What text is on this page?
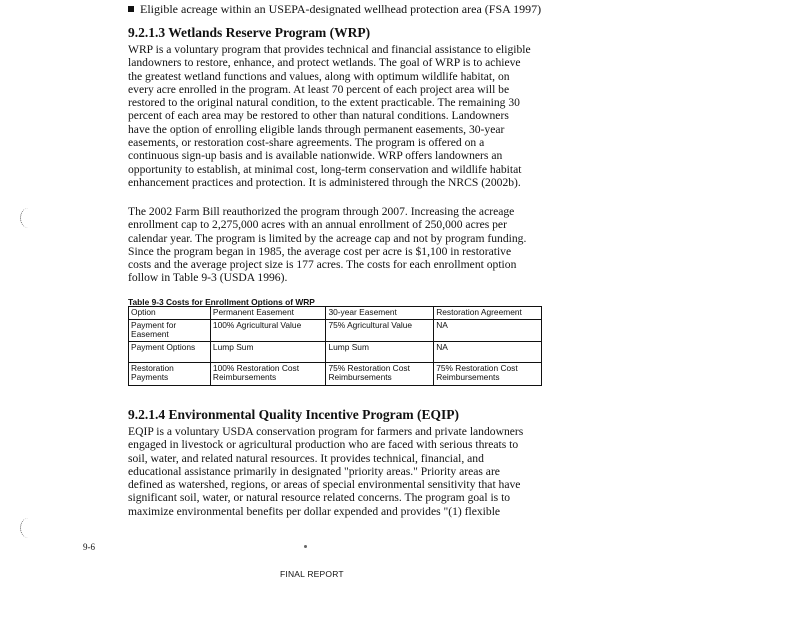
Eligible acreage within an USEPA-designated wellhead protection area (FSA 1997)
9.2.1.3 Wetlands Reserve Program (WRP)
WRP is a voluntary program that provides technical and financial assistance to eligible
landowners to restore, enhance, and protect wetlands. The goal of WRP is to achieve
the greatest wetland functions and values, along with optimum wildlife habitat, on
every acre enrolled in the program. At least 70 percent of each project area will be
restored to the original natural condition, to the extent practicable. The remaining 30
percent of each area may be restored to other than natural conditions. Landowners
have the option of enrolling eligible lands through permanent easements, 30-year
easements, or restoration cost-share agreements. The program is offered on a
continuous sign-up basis and is available nationwide. WRP offers landowners an
opportunity to establish, at minimal cost, long-term conservation and wildlife habitat
enhancement practices and protection. It is administered through the NRCS (2002b).
The 2002 Farm Bill reauthorized the program through 2007. Increasing the acreage
enrollment cap to 2,275,000 acres with an annual enrollment of 250,000 acres per
calendar year. The program is limited by the acreage cap and not by program funding.
Since the program began in 1985, the average cost per acre is $1,100 in restorative
costs and the average project size is 177 acres. The costs for each enrollment option
follow in Table 9-3 (USDA 1996).
Table 9-3 Costs for Enrollment Options of WRP
Option	Permanent Easement	30-year Easement	Restoration Agreement
Payment for Easement	100% Agricultural Value	75% Agricultural Value	NA
Payment Options	Lump Sum	Lump Sum	NA
Restoration Payments	100% Restoration Cost Reimbursements	75% Restoration Cost Reimbursements	75% Restoration Cost Reimbursements
9.2.1.4 Environmental Quality Incentive Program (EQIP)
EQIP is a voluntary USDA conservation program for farmers and private landowners
engaged in livestock or agricultural production who are faced with serious threats to
soil, water, and related natural resources. It provides technical, financial, and
educational assistance primarily in designated "priority areas." Priority areas are
defined as watershed, regions, or areas of special environmental sensitivity that have
significant soil, water, or natural resource related concerns. The program goal is to
maximize environmental benefits per dollar expended and provides "(1) flexible
9-6
FINAL REPORT
